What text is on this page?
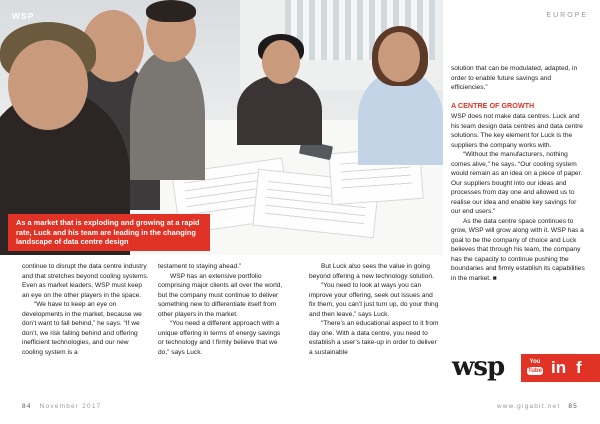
WSP	EUROPE
As a market that is exploding and growing at a rapid rate, Luck and his team are leading in the changing landscape of data centre design

continue to disrupt the data centre industry and that stretches beyond cooling systems. Even as market leaders, WSP must keep an eye on the other players in the space.

“We have to keep an eye on developments in the market, because we don’t want to fall behind,” he says. “If we don’t, we risk falling behind and offering inefficient technologies, and our new cooling system is a

testament to staying ahead.”

WSP has an extensive portfolio comprising major clients all over the world, but the company must continue to deliver something new to differentiate itself from other players in the market.

“You need a different approach with a unique offering in terms of energy savings or technology and I firmly believe that we do,” says Luck.

But Luck also sees the value in going beyond offering a new technology solution.

“You need to look at ways you can improve your offering, seek out issues and fix them, you can’t just turn up, do your thing and then leave,” says Luck.

“There’s an educational aspect to it from day one. With a data centre, you need to establish a user’s take-up in order to deliver a sustainable

solution that can be modulated, adapted, in order to enable future savings and efficiencies.”

A CENTRE OF GROWTH

WSP does not make data centres. Luck and his team design data centres and data centre solutions. The key element for Luck is the suppliers the company works with.

“Without the manufacturers, nothing comes alive,” he says. “Our cooling system would remain as an idea on a piece of paper. Our suppliers bought into our ideas and processes from day one and allowed us to realise our idea and enable key savings for our end users.”

As the data centre space continues to grow, WSP will grow along with it. WSP has a goal to be the company of choice and Luck believes that through his team, the company has the capacity to continue pushing the boundaries and firmly establish its capabilities in the market. ■

wsp	You
Tube in f
84 November 2017	www.gigabit.net 85
